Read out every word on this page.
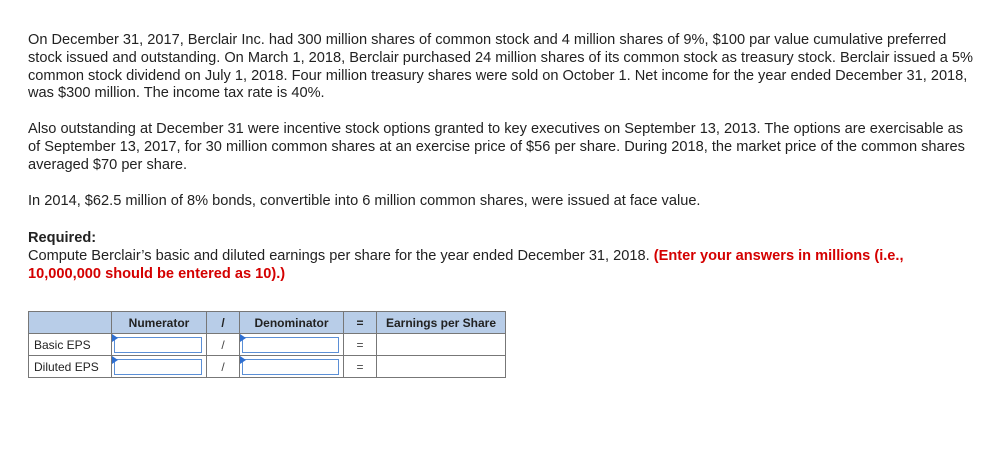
On December 31, 2017, Berclair Inc. had 300 million shares of common stock and 4 million shares of 9%, $100 par value cumulative preferred stock issued and outstanding. On March 1, 2018, Berclair purchased 24 million shares of its common stock as treasury stock. Berclair issued a 5% common stock dividend on July 1, 2018. Four million treasury shares were sold on October 1. Net income for the year ended December 31, 2018, was $300 million. The income tax rate is 40%.

Also outstanding at December 31 were incentive stock options granted to key executives on September 13, 2013. The options are exercisable as of September 13, 2017, for 30 million common shares at an exercise price of $56 per share. During 2018, the market price of the common shares averaged $70 per share.

In 2014, $62.5 million of 8% bonds, convertible into 6 million common shares, were issued at face value.

Required:

Compute Berclair’s basic and diluted earnings per share for the year ended December 31, 2018. (Enter your answers in millions (i.e., 10,000,000 should be entered as 10).)

	Numerator	/	Denominator	=	Earnings per Share
Basic EPS		/		=	
Diluted EPS		/		=	
